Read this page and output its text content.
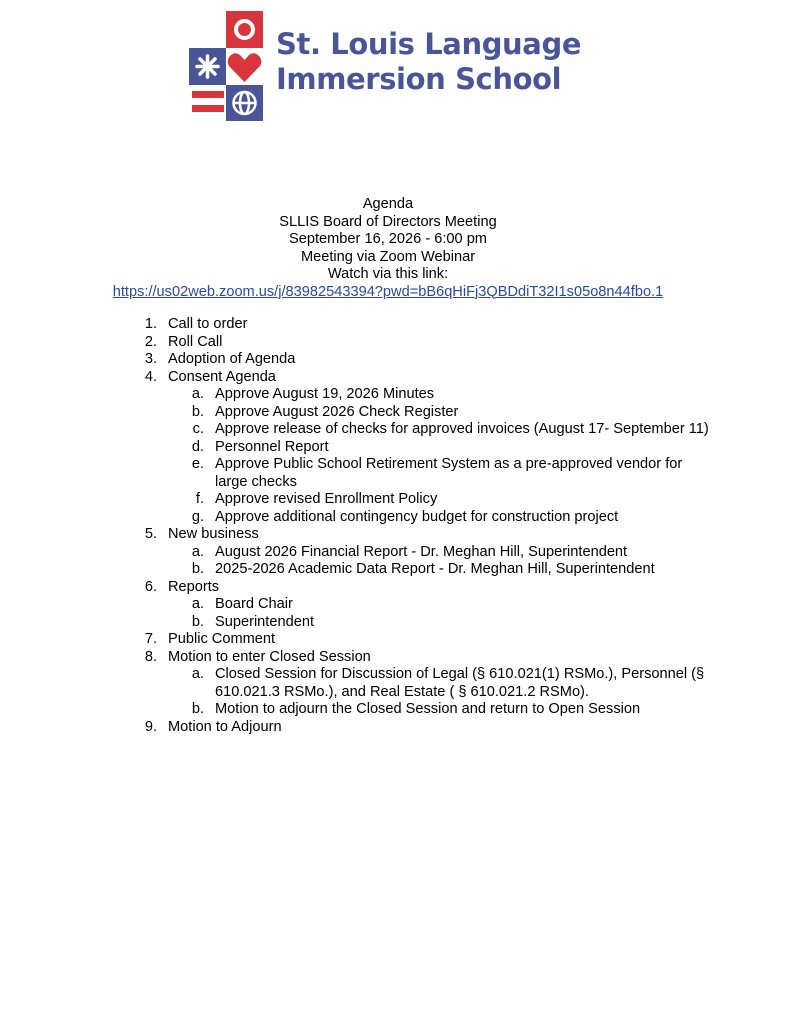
St. Louis Language
Immersion School
Agenda
SLLIS Board of Directors Meeting
September 16, 2026 - 6:00 pm
Meeting via Zoom Webinar
Watch via this link:
https://us02web.zoom.us/j/83982543394?pwd=bB6qHiFj3QBDdiT32I1s05o8n44fbo.1
1. Call to order
2. Roll Call
3. Adoption of Agenda
4. Consent Agenda
a. Approve August 19, 2026 Minutes
b. Approve August 2026 Check Register
c. Approve release of checks for approved invoices (August 17- September 11)
d. Personnel Report
e. Approve Public School Retirement System as a pre-approved vendor for
large checks
f. Approve revised Enrollment Policy
g. Approve additional contingency budget for construction project
5. New business
a. August 2026 Financial Report - Dr. Meghan Hill, Superintendent
b. 2025-2026 Academic Data Report - Dr. Meghan Hill, Superintendent
6. Reports
a. Board Chair
b. Superintendent
7. Public Comment
8. Motion to enter Closed Session
a. Closed Session for Discussion of Legal (§ 610.021(1) RSMo.), Personnel (§
610.021.3 RSMo.), and Real Estate ( § 610.021.2 RSMo).
b. Motion to adjourn the Closed Session and return to Open Session
9. Motion to Adjourn
